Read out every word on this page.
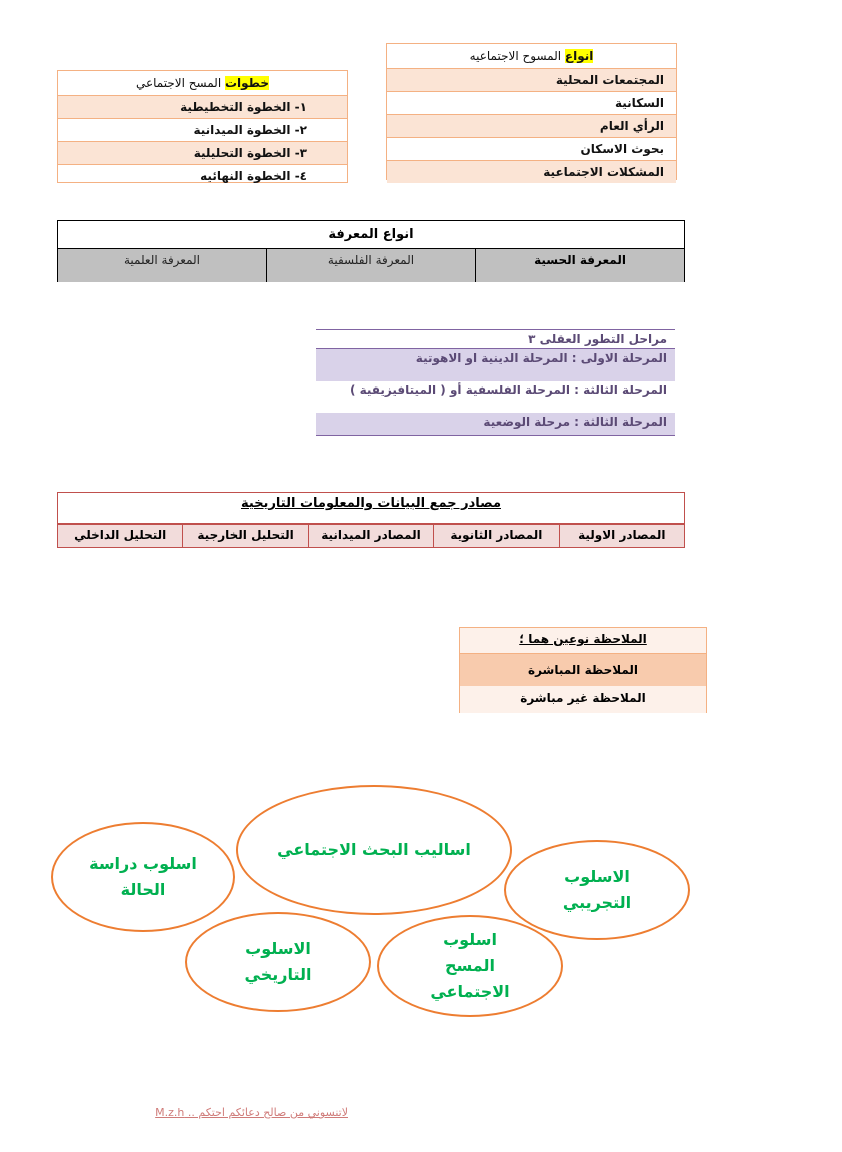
انواع المسوح الاجتماعيه
المجتمعات المحلية
السكانية
الرأي العام
بحوث الاسكان
المشكلات الاجتماعية
خطوات المسح الاجتماعي
١- الخطوة التخطيطية
٢- الخطوة الميدانية
٣- الخطوة التحليلية
٤- الخطوة النهائيه
انواع المعرفة
المعرفة الحسية
المعرفة الفلسفية
المعرفة العلمية
مراحل التطور العقلى ٣
المرحلة الاولى : المرحلة الدينية او الاهوتية
المرحلة الثالثة : المرحلة الفلسفية أو ( الميتافيزيقية )
المرحلة الثالثة : مرحلة الوضعية
مصادر جمع البيانات والمعلومات التاريخية
المصادر الاولية
المصادر الثانوية
المصادر الميدانية
التحليل الخارجية
التحليل الداخلي
الملاحظة نوعين هما ؛
الملاحظة المباشرة
الملاحظة غير مباشرة
اساليب البحث الاجتماعي
اسلوب دراسة الحالة
الاسلوب التجريبي
الاسلوب التاريخي
اسلوب المسح الاجتماعي
لاتنسوني من صالح دعائكم احتكم .. M.z.h
